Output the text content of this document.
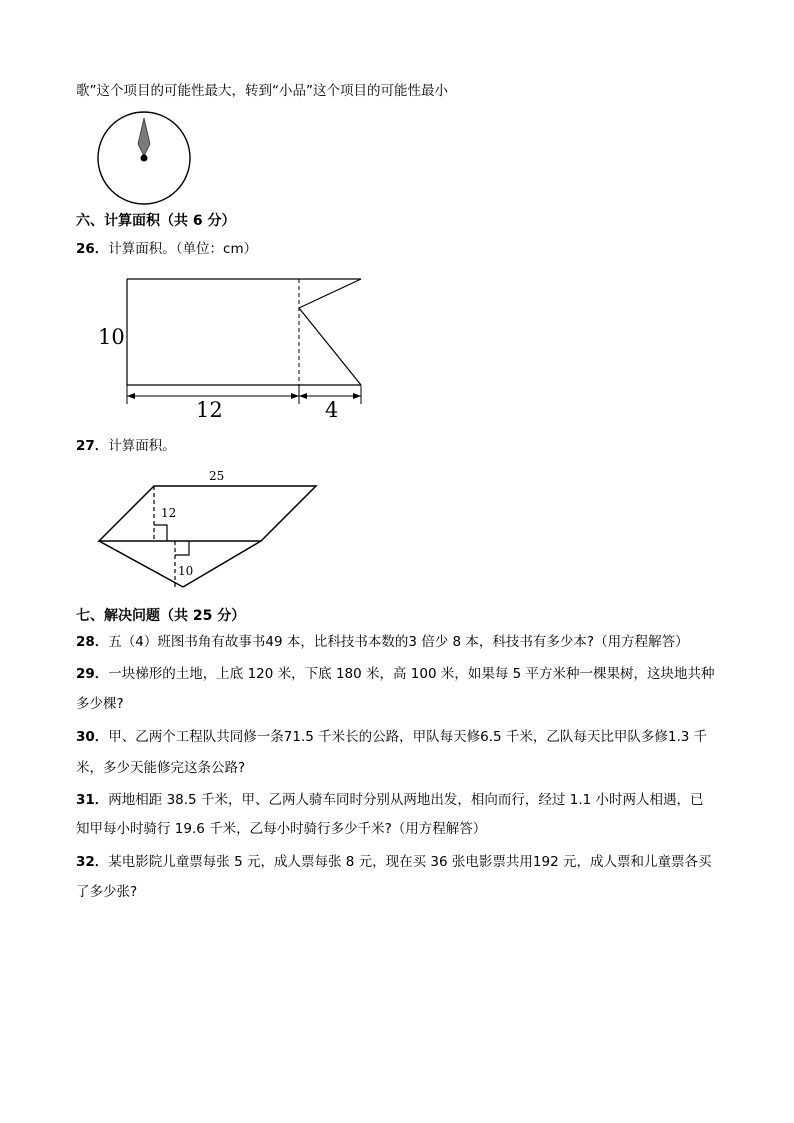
歌”这个项目的可能性最大，转到“小品”这个项目的可能性最小
六、计算面积（共 6 分）
26．计算面积。（单位：cm）
10
12	4
27．计算面积。
25
12
10
七、解决问题（共 25 分）
28．五（4）班图书角有故事书49 本，比科技书本数的3 倍少 8 本，科技书有多少本?（用方程解答）
29．一块梯形的土地，上底 120 米，下底 180 米，高 100 米，如果每 5 平方米种一棵果树，这块地共种
多少棵?
30．甲、乙两个工程队共同修一条71.5 千米长的公路，甲队每天修6.5 千米，乙队每天比甲队多修1.3 千
米，多少天能修完这条公路?
31．两地相距 38.5 千米，甲、乙两人骑车同时分别从两地出发，相向而行，经过 1.1 小时两人相遇，已
知甲每小时骑行 19.6 千米，乙每小时骑行多少千米?（用方程解答）
32．某电影院儿童票每张 5 元，成人票每张 8 元，现在买 36 张电影票共用192 元，成人票和儿童票各买
了多少张?
